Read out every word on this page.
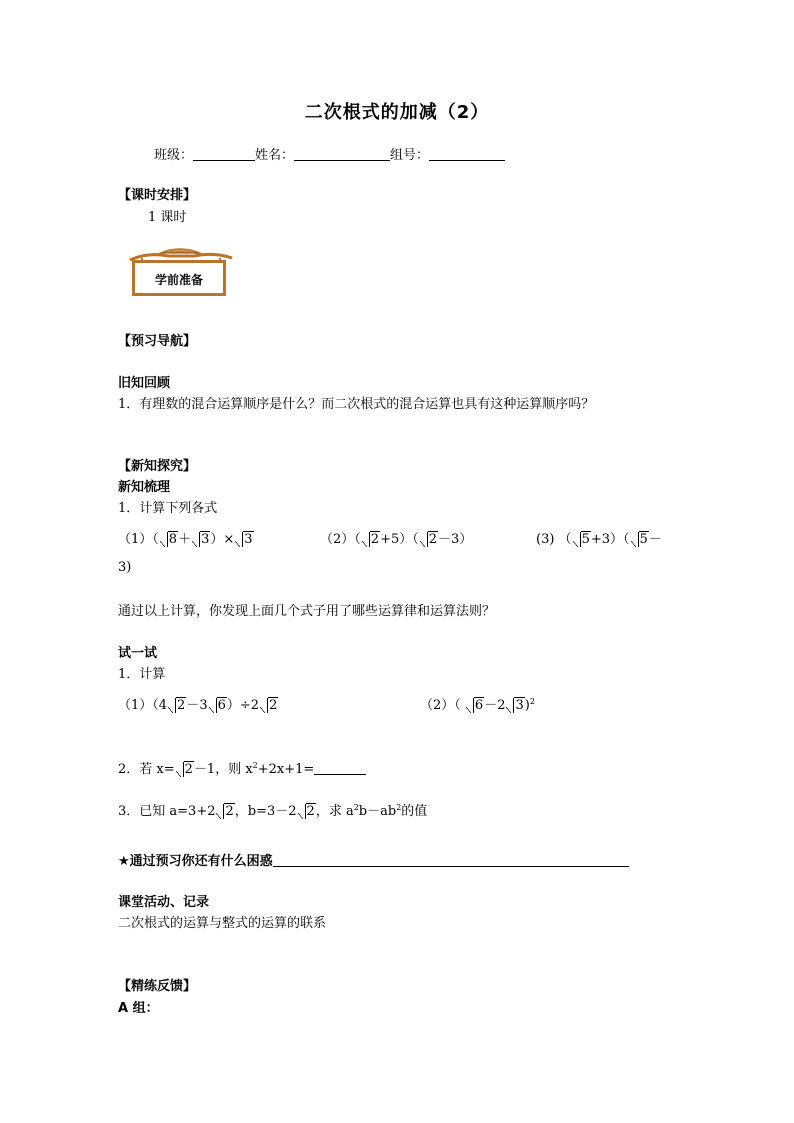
二次根式的加减（2）
班级：	姓名：	组号：
【课时安排】
1 课时
学前准备
【预习导航】
旧知回顾
1．有理数的混合运算顺序是什么？而二次根式的混合运算也具有这种运算顺序吗？
【新知探究】
新知梳理
1．计算下列各式
（1）（ 8＋ 3）× 3	（2）（ 2+5）（ 2－3）	(3) （ 5+3）（ 5－
3)
通过以上计算，你发现上面几个式子用了哪些运算律和运算法则？
试一试
1．计算
（1）（4 2－3 6）÷2 2	（2）（ 6－2 3)$^2$
2．若 x= 2－1，则 $x^2+2x+1=$
3．已知 a=3+2 2，b=3－2 2，求 $a^2b-ab^2$的值
★通过预习你还有什么困惑
课堂活动、记录
二次根式的运算与整式的运算的联系
【精练反馈】
A 组：
